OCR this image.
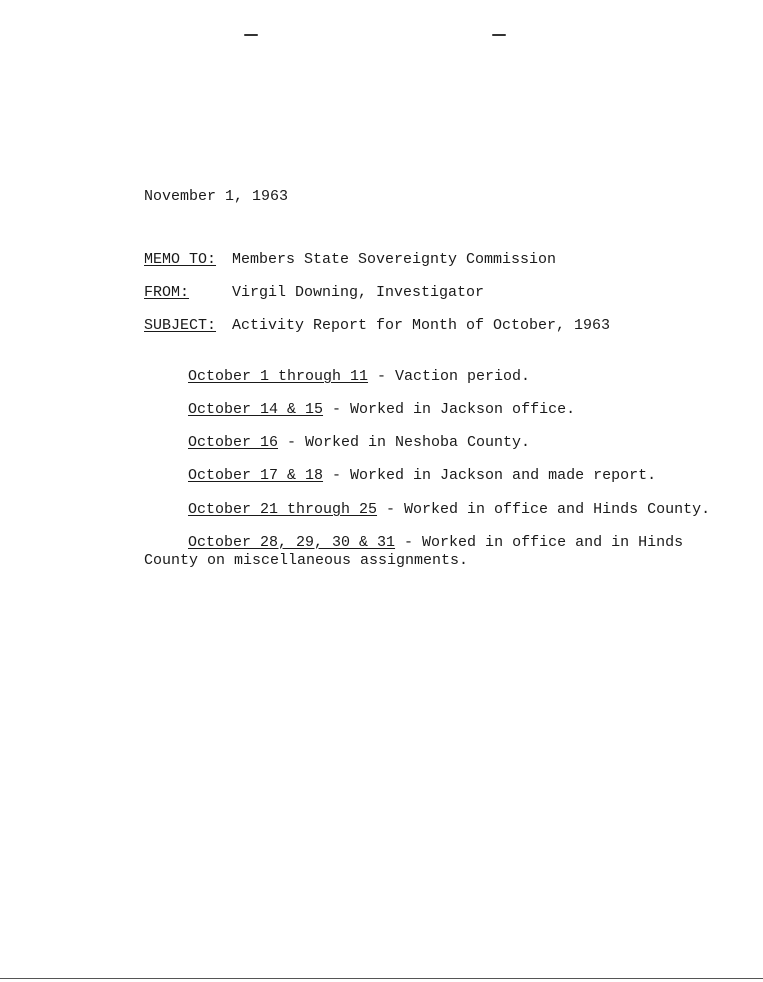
November 1, 1963
MEMO TO: Members State Sovereignty Commission
FROM:	Virgil Downing, Investigator
SUBJECT: Activity Report for Month of October, 1963
October 1 through 11 - Vaction period.
October 14 & 15 - Worked in Jackson office.
October 16 - Worked in Neshoba County.
October 17 & 18 - Worked in Jackson and made report.
October 21 through 25 - Worked in office and Hinds County.
October 28, 29, 30 & 31 - Worked in office and in Hinds
County on miscellaneous assignments.
